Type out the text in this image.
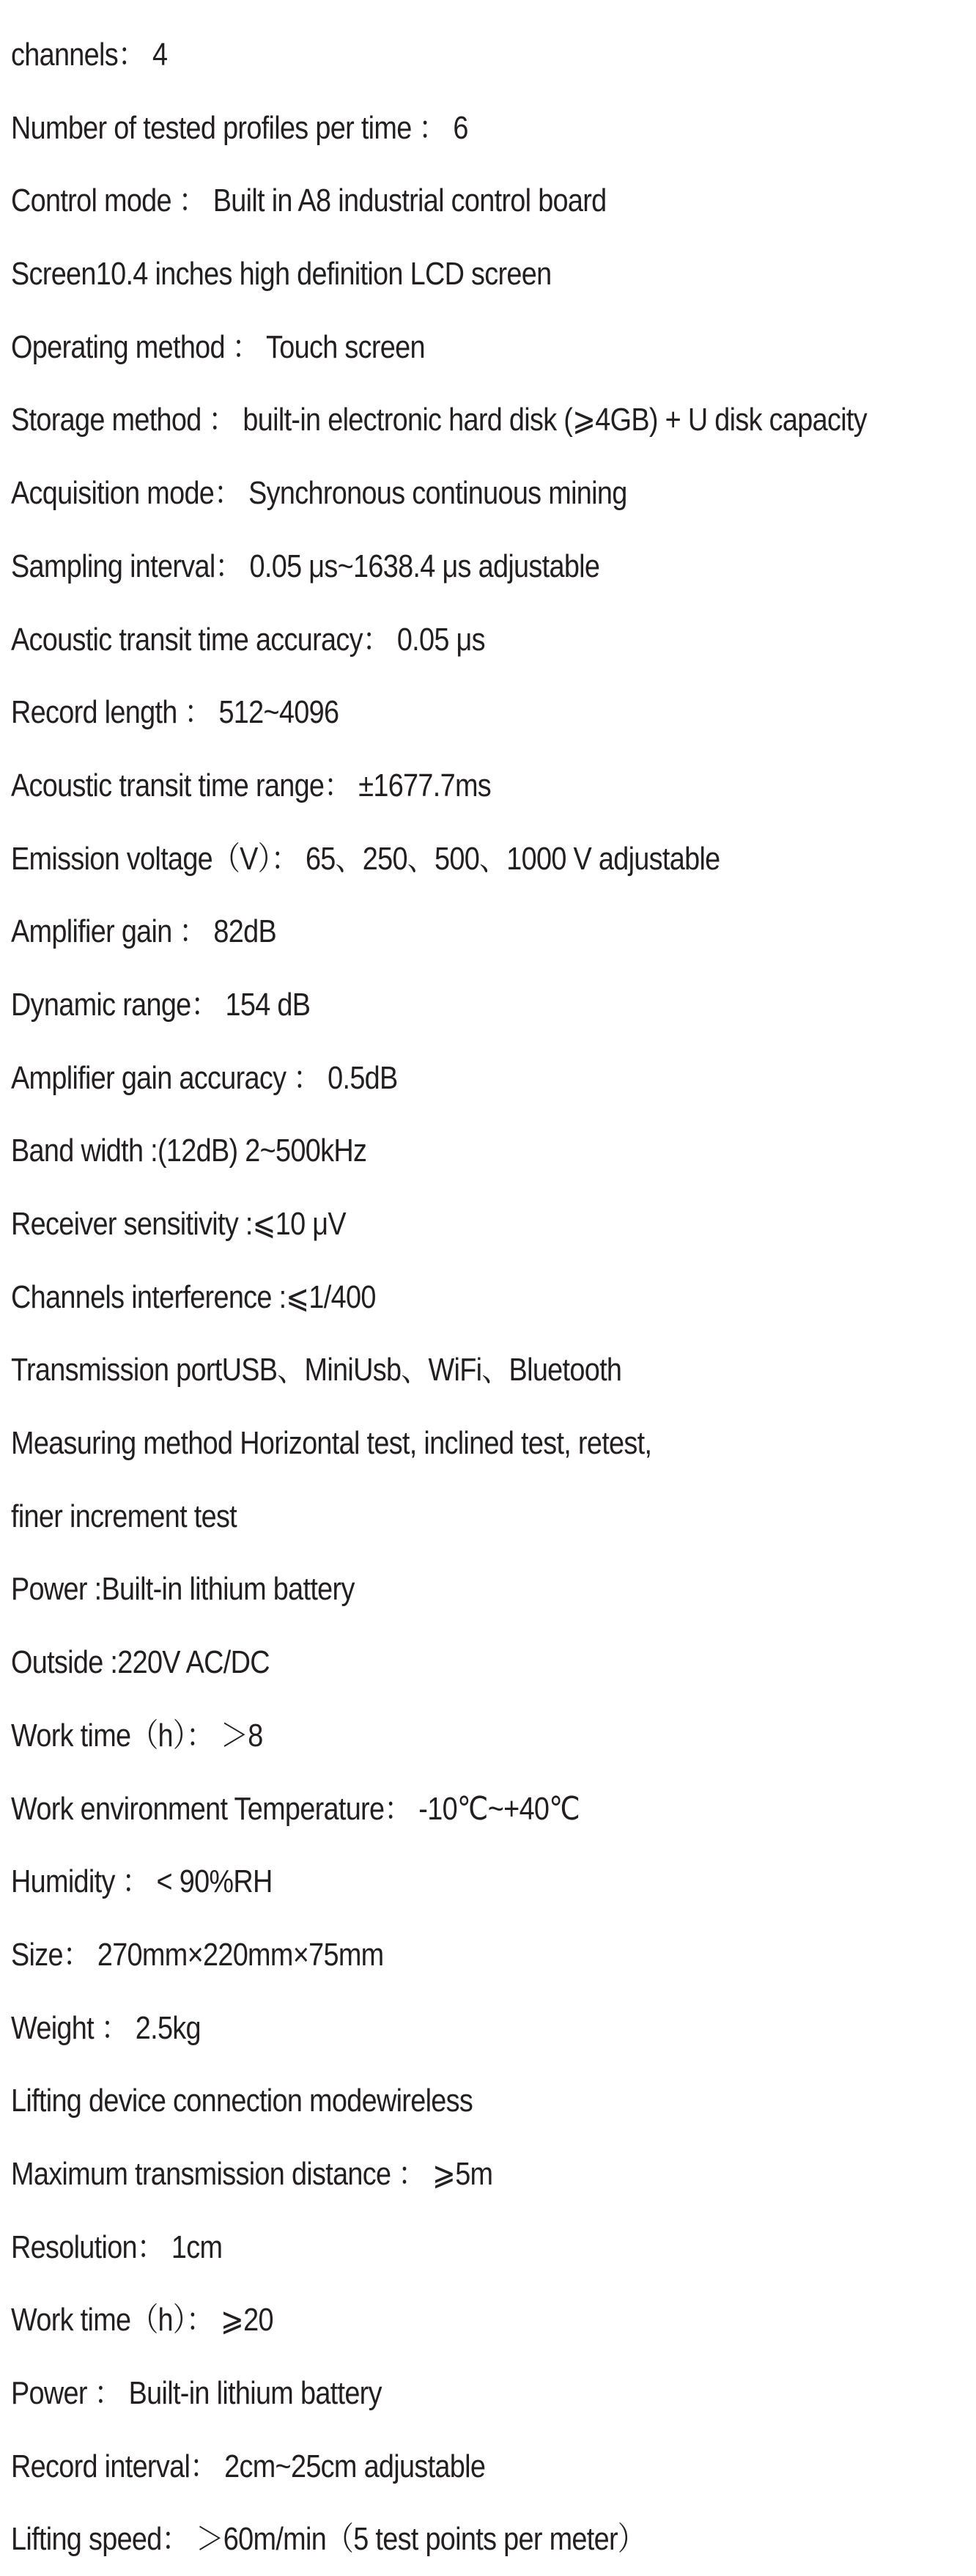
channels： 4
Number of tested profiles per time ： 6
Control mode ： Built in A8 industrial control board
Screen10.4 inches high definition LCD screen
Operating method ： Touch screen
Storage method ： built-in electronic hard disk (⩾4GB) + U disk capacity
Acquisition mode： Synchronous continuous mining
Sampling interval： 0.05 μs~1638.4 μs adjustable
Acoustic transit time accuracy： 0.05 μs
Record length ： 512~4096
Acoustic transit time range： ±1677.7ms
Emission voltage（V）： 65、250、500、1000 V adjustable
Amplifier gain ： 82dB
Dynamic range： 154 dB
Amplifier gain accuracy ： 0.5dB
Band width :(12dB) 2~500kHz
Receiver sensitivity :⩽10 μV
Channels interference :⩽1/400
Transmission portUSB、MiniUsb、WiFi、Bluetooth
Measuring method Horizontal test, inclined test, retest,
finer increment test
Power :Built-in lithium battery
Outside :220V AC/DC
Work time（h）： ＞8
Work environment Temperature： -10℃~+40℃
Humidity ： < 90%RH
Size： 270mm×220mm×75mm
Weight ： 2.5kg
Lifting device connection modewireless
Maximum transmission distance ： ⩾5m
Resolution： 1cm
Work time（h）： ⩾20
Power ： Built-in lithium battery
Record interval： 2cm~25cm adjustable
Lifting speed： ＞60m/min（5 test points per meter）
